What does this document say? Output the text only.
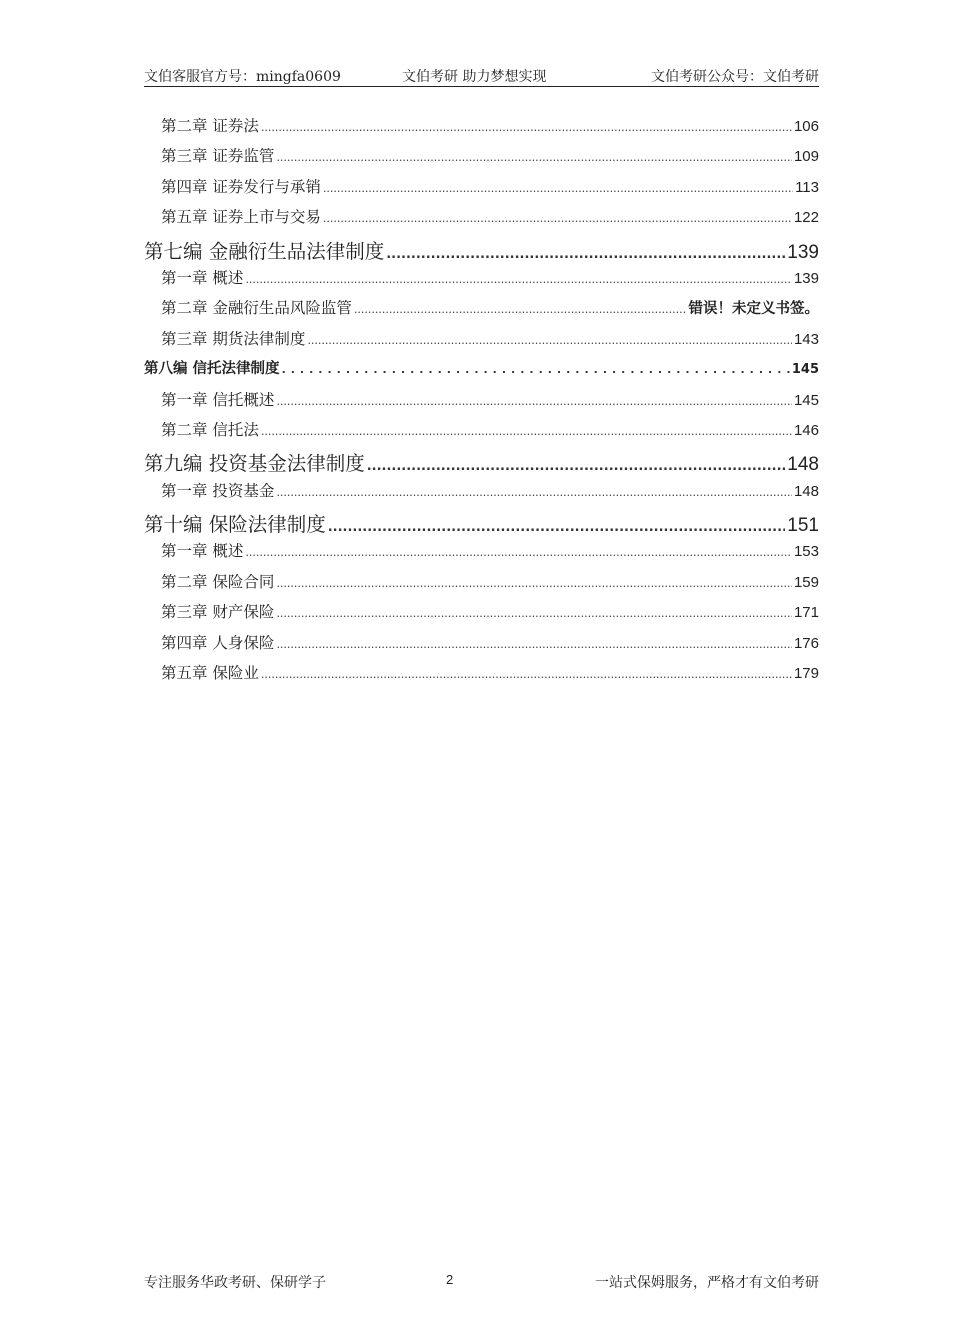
文伯客服官方号：mingfa0609	文伯考研 助力梦想实现	文伯考研公众号：文伯考研
第二章 证券法 .....	106
第三章 证券监管 .....	109
第四章 证券发行与承销 .....	113
第五章 证券上市与交易 .....	122
第七编 金融衍生品法律制度 .....	139
第一章 概述 .....	139
第二章 金融衍生品风险监管 .....	错误！未定义书签。
第三章 期货法律制度 .....	143
第八编 信托法律制度 .....	145
第一章 信托概述 .....	145
第二章 信托法 .....	146
第九编 投资基金法律制度 .....	148
第一章 投资基金 .....	148
第十编 保险法律制度 .....	151
第一章 概述 .....	153
第二章 保险合同 .....	159
第三章 财产保险 .....	171
第四章 人身保险 .....	176
第五章 保险业 .....	179
专注服务华政考研、保研学子	2	一站式保姆服务，严格才有文伯考研
